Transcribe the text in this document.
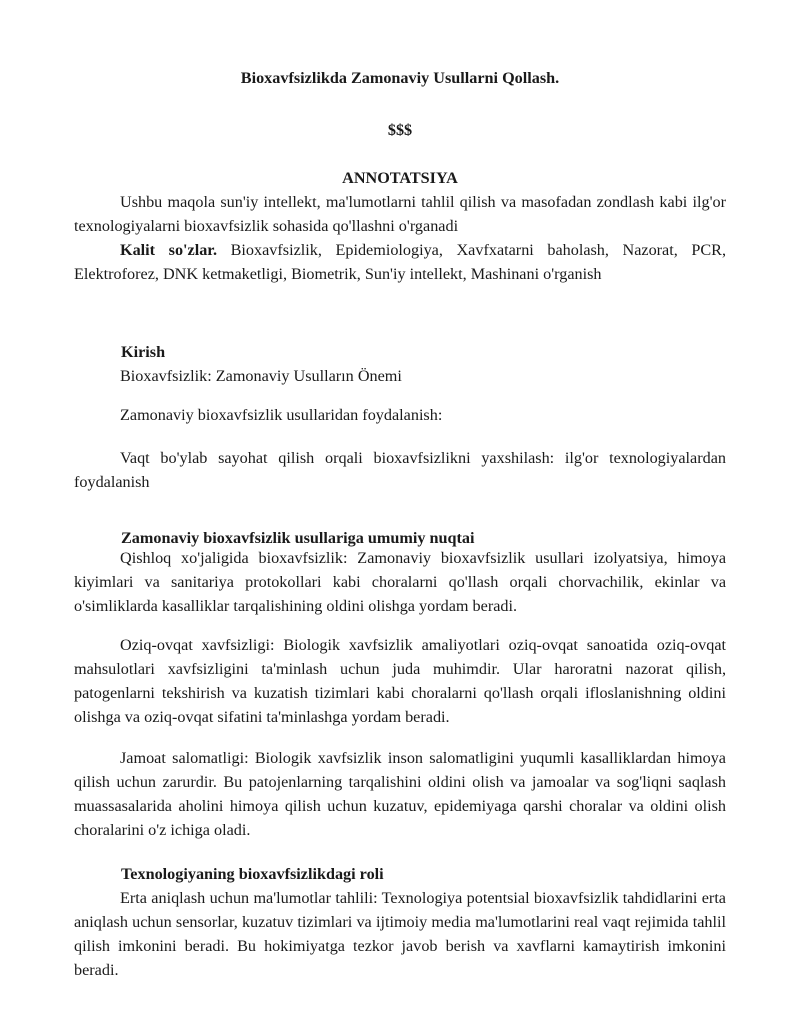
Bioxavfsizlikda Zamonaviy Usullarni Qollash.
$$$
ANNOTATSIYA

Ushbu maqola sun'iy intellekt, ma'lumotlarni tahlil qilish va masofadan zondlash kabi ilg'or texnologiyalarni bioxavfsizlik sohasida qo'llashni o'rganadi

Kalit so'zlar. Bioxavfsizlik, Epidemiologiya, Xavfxatarni baholash, Nazorat, PCR, Elektroforez, DNK ketmaketligi, Biometrik, Sun'iy intellekt, Mashinani o'rganish

Kirish
Bioxavfsizlik: Zamonaviy Usulların Önemi
Zamonaviy bioxavfsizlik usullaridan foydalanish:

Vaqt bo'ylab sayohat qilish orqali bioxavfsizlikni yaxshilash: ilg'or texnologiyalardan foydalanish

Zamonaviy bioxavfsizlik usullariga umumiy nuqtai

Qishloq xo'jaligida bioxavfsizlik: Zamonaviy bioxavfsizlik usullari izolyatsiya, himoya kiyimlari va sanitariya protokollari kabi choralarni qo'llash orqali chorvachilik, ekinlar va o'simliklarda kasalliklar tarqalishining oldini olishga yordam beradi.

Oziq-ovqat xavfsizligi: Biologik xavfsizlik amaliyotlari oziq-ovqat sanoatida oziq-ovqat mahsulotlari xavfsizligini ta'minlash uchun juda muhimdir. Ular haroratni nazorat qilish, patogenlarni tekshirish va kuzatish tizimlari kabi choralarni qo'llash orqali ifloslanishning oldini olishga va oziq-ovqat sifatini ta'minlashga yordam beradi.

Jamoat salomatligi: Biologik xavfsizlik inson salomatligini yuqumli kasalliklardan himoya qilish uchun zarurdir. Bu patojenlarning tarqalishini oldini olish va jamoalar va sog'liqni saqlash muassasalarida aholini himoya qilish uchun kuzatuv, epidemiyaga qarshi choralar va oldini olish choralarini o'z ichiga oladi.

Texnologiyaning bioxavfsizlikdagi roli

Erta aniqlash uchun ma'lumotlar tahlili: Texnologiya potentsial bioxavfsizlik tahdidlarini erta aniqlash uchun sensorlar, kuzatuv tizimlari va ijtimoiy media ma'lumotlarini real vaqt rejimida tahlil qilish imkonini beradi. Bu hokimiyatga tezkor javob berish va xavflarni kamaytirish imkonini beradi.
